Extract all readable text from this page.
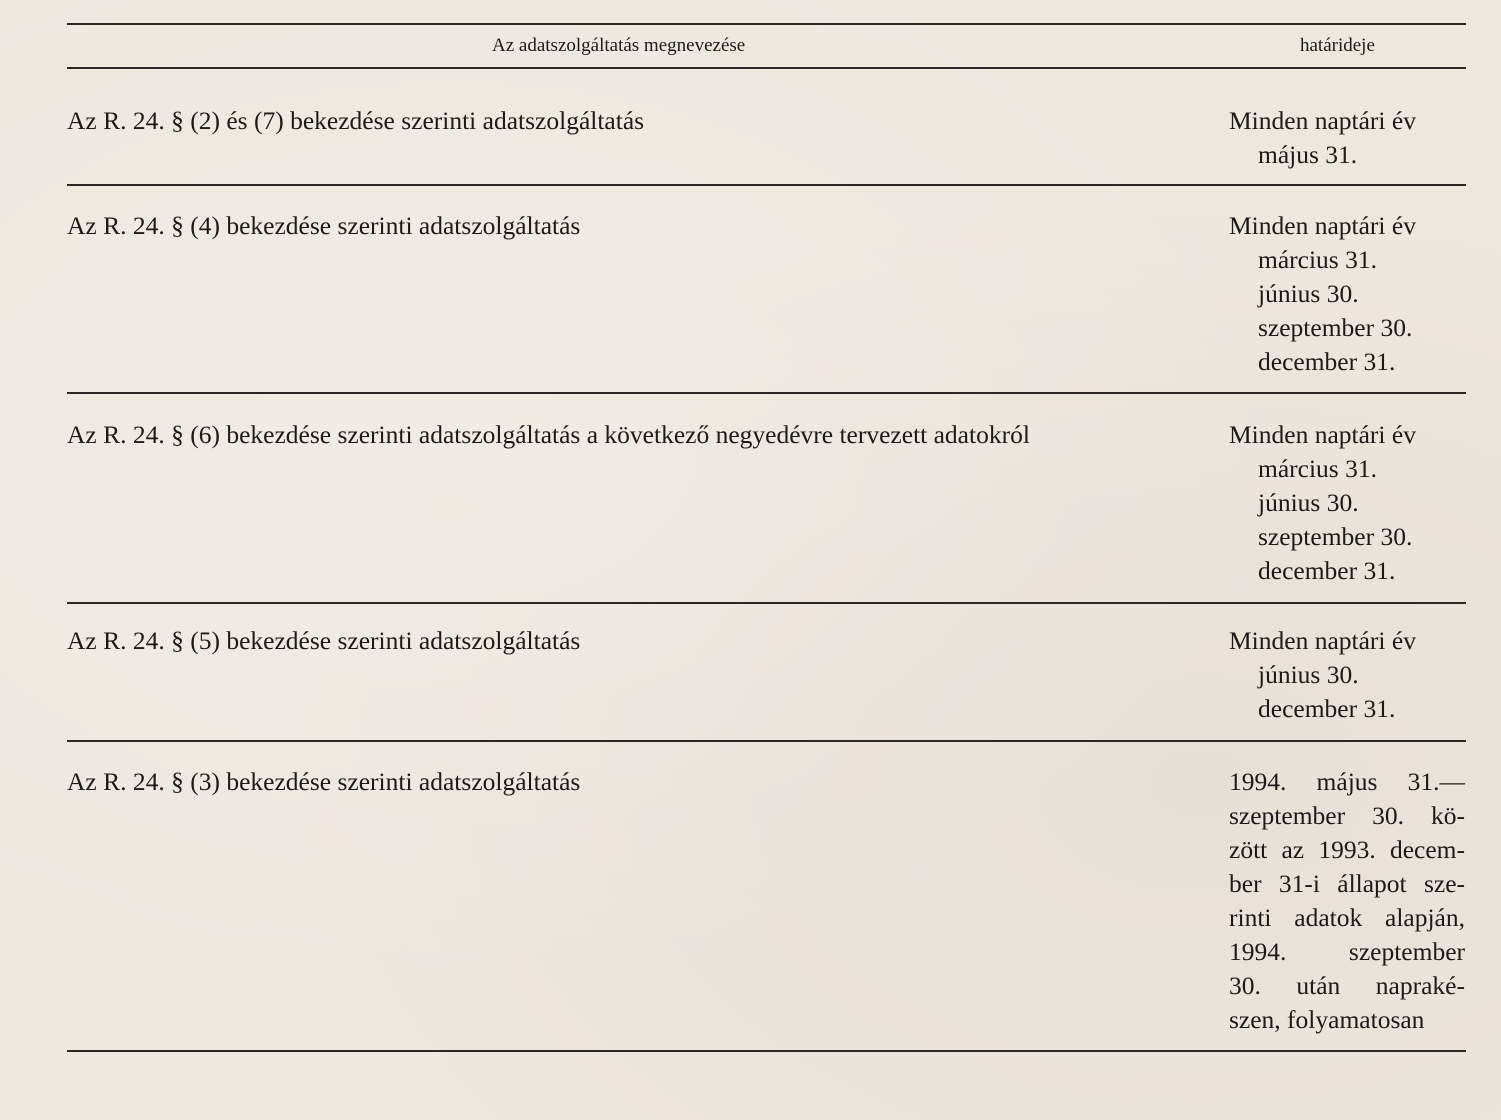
Az adatszolgáltatás megnevezése	határideje
Az R. 24. § (2) és (7) bekezdése szerinti adatszolgáltatás	Minden naptári év
május 31.
Az R. 24. § (4) bekezdése szerinti adatszolgáltatás	Minden naptári év
március 31.
június 30.
szeptember 30.
december 31.
Az R. 24. § (6) bekezdése szerinti adatszolgáltatás a következő negyedévre tervezett adatokról	Minden naptári év
március 31.
június 30.
szeptember 30.
december 31.
Az R. 24. § (5) bekezdése szerinti adatszolgáltatás	Minden naptári év
június 30.
december 31.
Az R. 24. § (3) bekezdése szerinti adatszolgáltatás	1994. május 31.—
szeptember 30. kö-
zött az 1993. decem-
ber 31-i állapot sze-
rinti adatok alapján,
1994. szeptember
30. után napraké-
szen, folyamatosan
